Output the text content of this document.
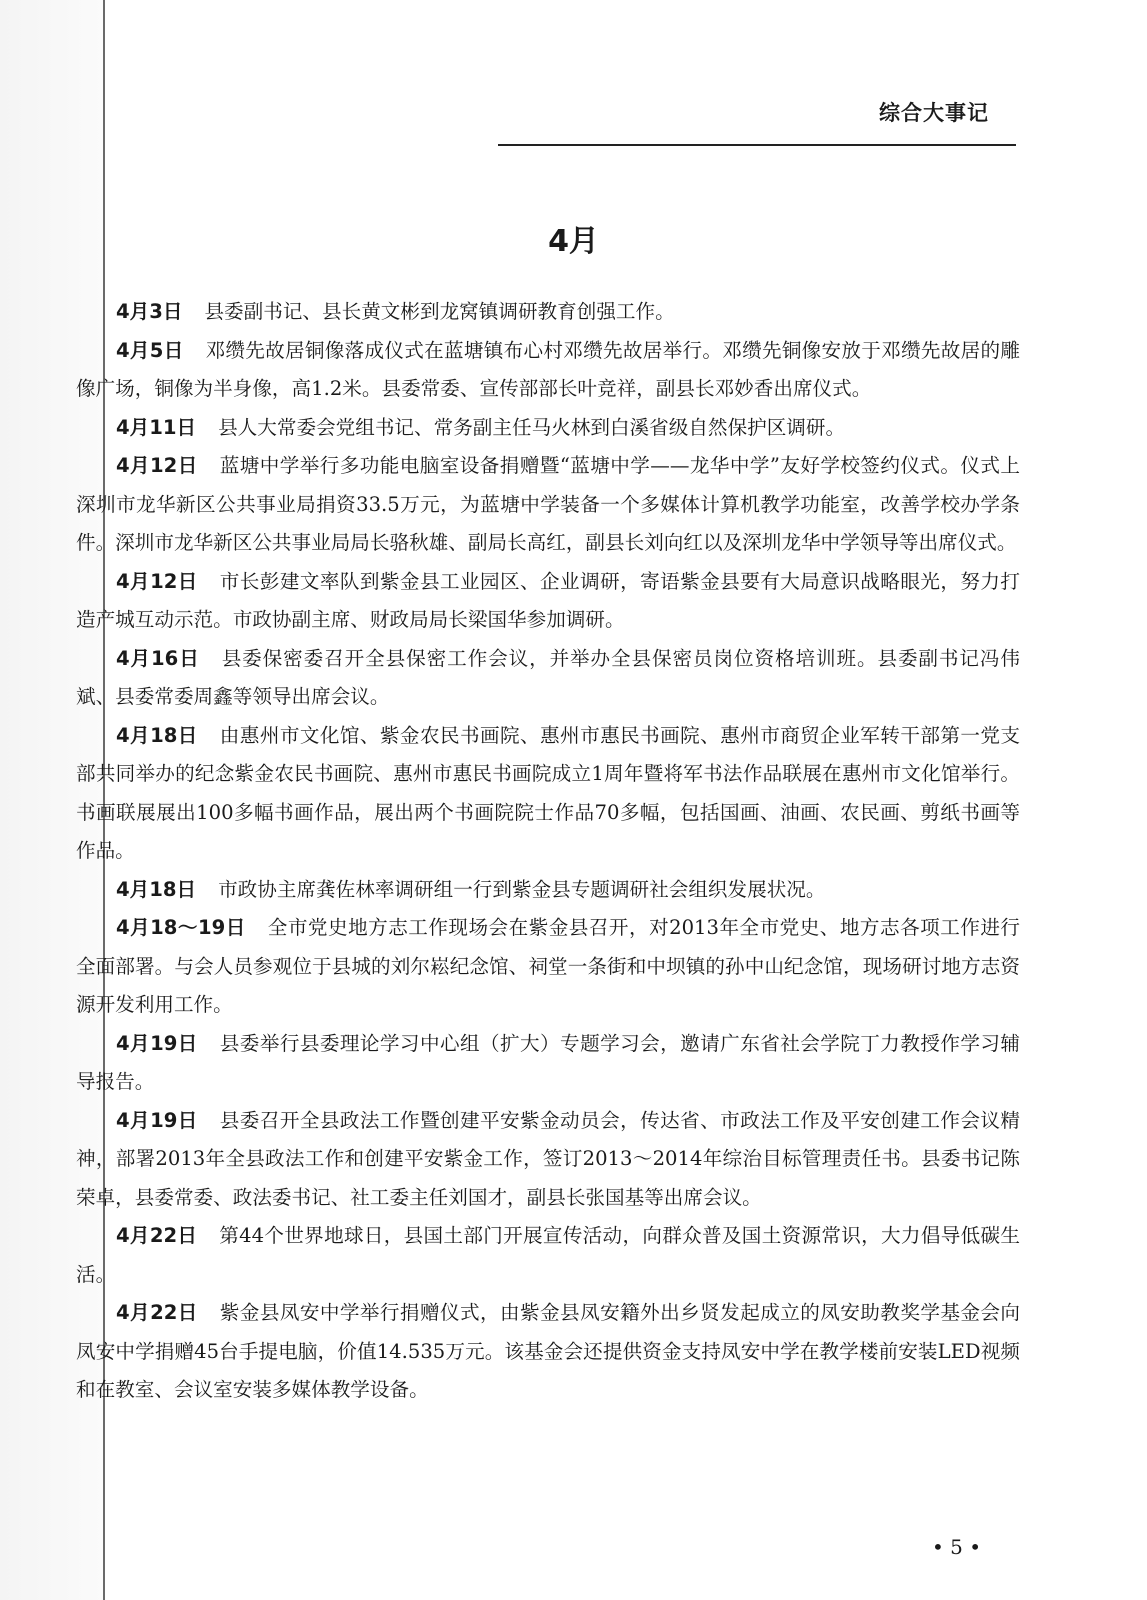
综合大事记
4月

4月3日 县委副书记、县长黄文彬到龙窝镇调研教育创强工作。

4月5日 邓缵先故居铜像落成仪式在蓝塘镇布心村邓缵先故居举行。邓缵先铜像安放于邓缵先故居的雕像广场，铜像为半身像，高1.2米。县委常委、宣传部部长叶竞祥，副县长邓妙香出席仪式。

4月11日 县人大常委会党组书记、常务副主任马火林到白溪省级自然保护区调研。

4月12日 蓝塘中学举行多功能电脑室设备捐赠暨“蓝塘中学——龙华中学”友好学校签约仪式。仪式上深圳市龙华新区公共事业局捐资33.5万元，为蓝塘中学装备一个多媒体计算机教学功能室，改善学校办学条件。深圳市龙华新区公共事业局局长骆秋雄、副局长高红，副县长刘向红以及深圳龙华中学领导等出席仪式。

4月12日 市长彭建文率队到紫金县工业园区、企业调研，寄语紫金县要有大局意识战略眼光，努力打造产城互动示范。市政协副主席、财政局局长梁国华参加调研。

4月16日 县委保密委召开全县保密工作会议，并举办全县保密员岗位资格培训班。县委副书记冯伟斌、县委常委周鑫等领导出席会议。

4月18日 由惠州市文化馆、紫金农民书画院、惠州市惠民书画院、惠州市商贸企业军转干部第一党支部共同举办的纪念紫金农民书画院、惠州市惠民书画院成立1周年暨将军书法作品联展在惠州市文化馆举行。书画联展展出100多幅书画作品，展出两个书画院院士作品70多幅，包括国画、油画、农民画、剪纸书画等作品。

4月18日 市政协主席龚佐林率调研组一行到紫金县专题调研社会组织发展状况。

4月18～19日 全市党史地方志工作现场会在紫金县召开，对2013年全市党史、地方志各项工作进行全面部署。与会人员参观位于县城的刘尔崧纪念馆、祠堂一条街和中坝镇的孙中山纪念馆，现场研讨地方志资源开发利用工作。

4月19日 县委举行县委理论学习中心组（扩大）专题学习会，邀请广东省社会学院丁力教授作学习辅导报告。

4月19日 县委召开全县政法工作暨创建平安紫金动员会，传达省、市政法工作及平安创建工作会议精神，部署2013年全县政法工作和创建平安紫金工作，签订2013～2014年综治目标管理责任书。县委书记陈荣卓，县委常委、政法委书记、社工委主任刘国才，副县长张国基等出席会议。

4月22日 第44个世界地球日，县国土部门开展宣传活动，向群众普及国土资源常识，大力倡导低碳生活。

4月22日 紫金县凤安中学举行捐赠仪式，由紫金县凤安籍外出乡贤发起成立的凤安助教奖学基金会向凤安中学捐赠45台手提电脑，价值14.535万元。该基金会还提供资金支持凤安中学在教学楼前安装LED视频和在教室、会议室安装多媒体教学设备。

• 5 •
